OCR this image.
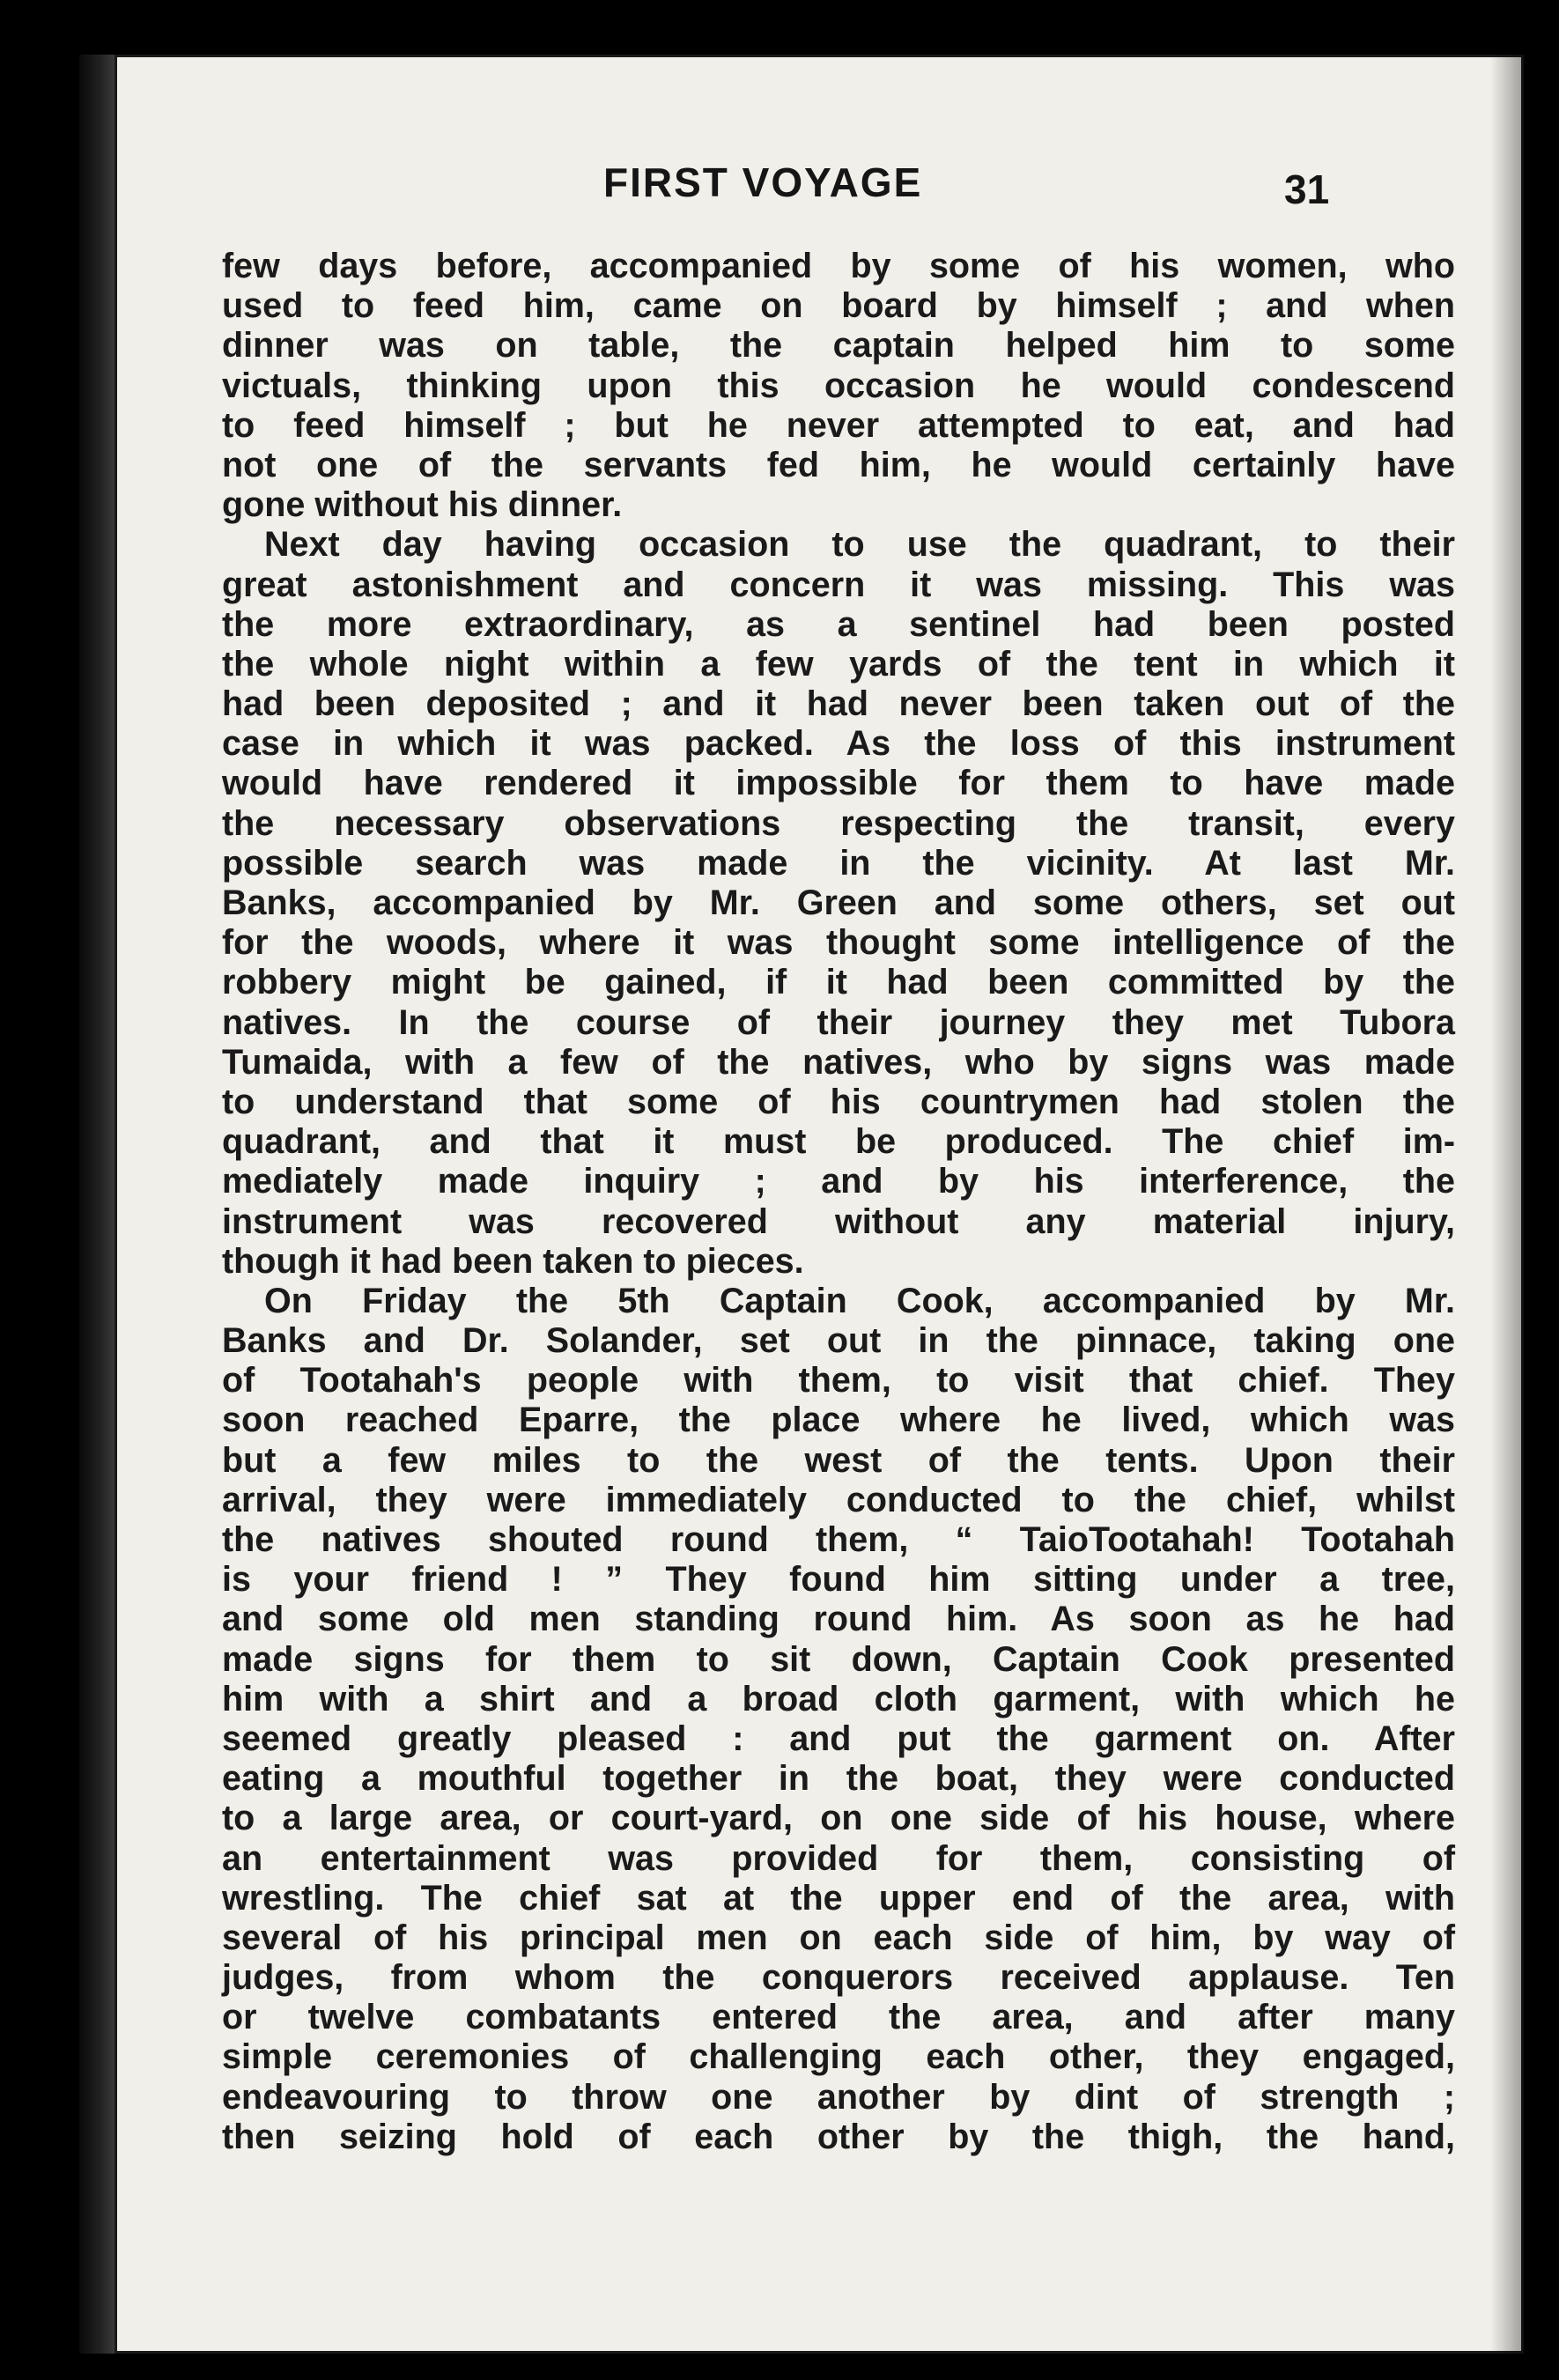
FIRST VOYAGE	31
few days before, accompanied by some of his women, who
used to feed him, came on board by himself ; and when
dinner was on table, the captain helped him to some
victuals, thinking upon this occasion he would condescend
to feed himself ; but he never attempted to eat, and had
not one of the servants fed him, he would certainly have
gone without his dinner.
Next day having occasion to use the quadrant, to their
great astonishment and concern it was missing. This was
the more extraordinary, as a sentinel had been posted
the whole night within a few yards of the tent in which it
had been deposited ; and it had never been taken out of the
case in which it was packed. As the loss of this instrument
would have rendered it impossible for them to have made
the necessary observations respecting the transit, every
possible search was made in the vicinity. At last Mr.
Banks, accompanied by Mr. Green and some others, set out
for the woods, where it was thought some intelligence of the
robbery might be gained, if it had been committed by the
natives. In the course of their journey they met Tubora
Tumaida, with a few of the natives, who by signs was made
to understand that some of his countrymen had stolen the
quadrant, and that it must be produced. The chief im-
mediately made inquiry ; and by his interference, the
instrument was recovered without any material injury,
though it had been taken to pieces.
On Friday the 5th Captain Cook, accompanied by Mr.
Banks and Dr. Solander, set out in the pinnace, taking one
of Tootahah's people with them, to visit that chief. They
soon reached Eparre, the place where he lived, which was
but a few miles to the west of the tents. Upon their
arrival, they were immediately conducted to the chief, whilst
the natives shouted round them, “ TaioTootahah! Tootahah
is your friend ! ” They found him sitting under a tree,
and some old men standing round him. As soon as he had
made signs for them to sit down, Captain Cook presented
him with a shirt and a broad cloth garment, with which he
seemed greatly pleased : and put the garment on. After
eating a mouthful together in the boat, they were conducted
to a large area, or court-yard, on one side of his house, where
an entertainment was provided for them, consisting of
wrestling. The chief sat at the upper end of the area, with
several of his principal men on each side of him, by way of
judges, from whom the conquerors received applause. Ten
or twelve combatants entered the area, and after many
simple ceremonies of challenging each other, they engaged,
endeavouring to throw one another by dint of strength ;
then seizing hold of each other by the thigh, the hand,
